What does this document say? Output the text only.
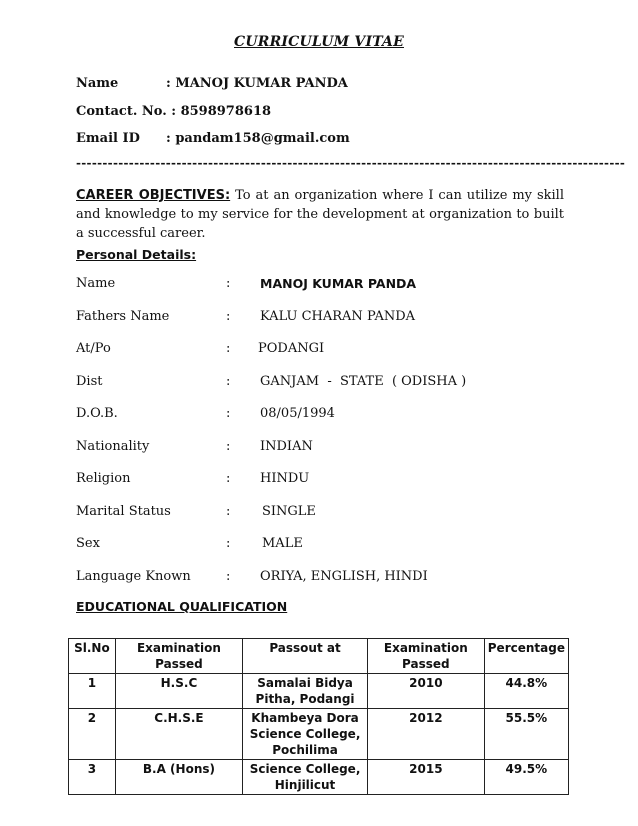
CURRICULUM VITAE
Name	: MANOJ KUMAR PANDA
Contact. No. : 8598978618
Email ID : pandam158@gmail.com
--------------------------------------------------------------------------------------------------------
CAREER OBJECTIVES: To at an organization where I can utilize my skill and knowledge to my service for the development at organization to built a successful career.
Personal Details:
Name	: MANOJ KUMAR PANDA
Fathers Name	: KALU CHARAN PANDA
At/Po	: PODANGI
Dist	: GANJAM  -  STATE  ( ODISHA )
D.O.B.	: 08/05/1994
Nationality	: INDIAN
Religion	: HINDU
Marital Status	: SINGLE
Sex	: MALE
Language Known	: ORIYA, ENGLISH, HINDI
EDUCATIONAL QUALIFICATION
Sl.No	Examination Passed	Passout at	Examination Passed	Percentage
1	H.S.C	Samalai Bidya Pitha, Podangi	2010	44.8%
2	C.H.S.E	Khambeya Dora Science College, Pochilima	2012	55.5%
3	B.A (Hons)	Science College, Hinjilicut	2015	49.5%
